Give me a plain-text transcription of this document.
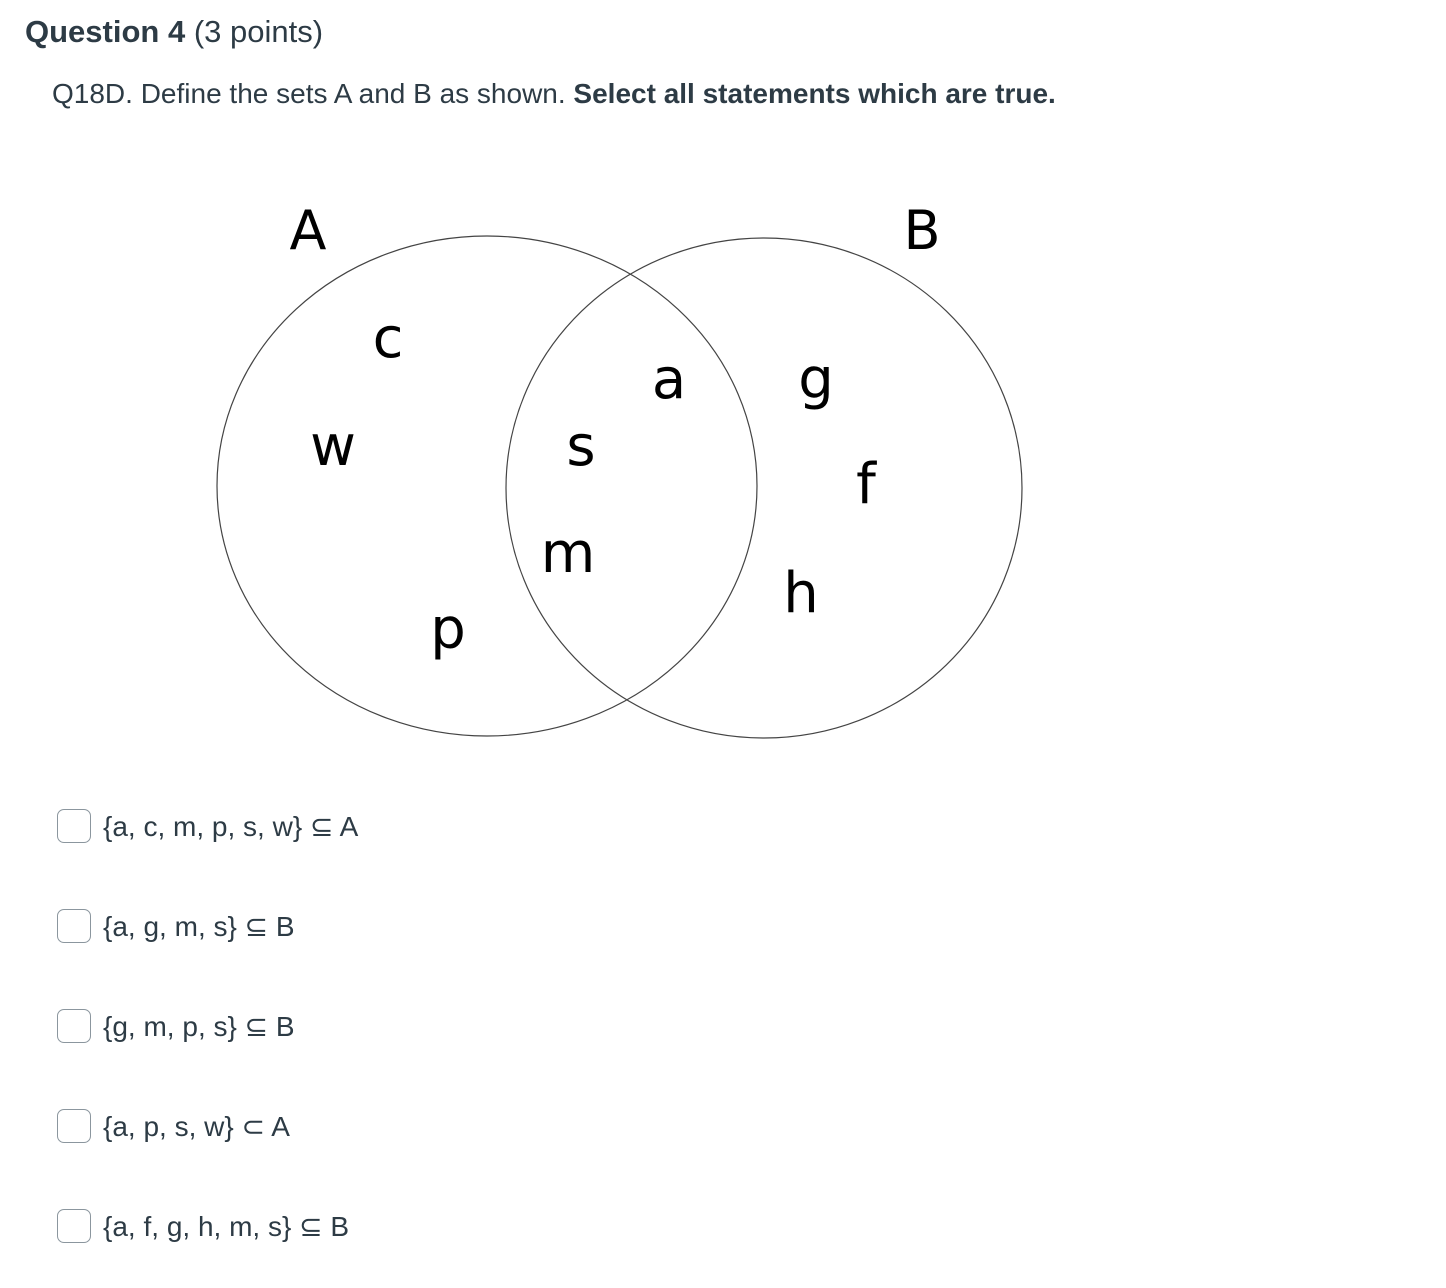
Question 4 (3 points)
Q18D. Define the sets A and B as shown. Select all statements which are true.
A	B
c
w
p
a
s
m
g
f
h
{a, c, m, p, s, w} ⊆ A
{a, g, m, s} ⊆ B
{g, m, p, s} ⊆ B
{a, p, s, w} ⊂ A
{a, f, g, h, m, s} ⊆ B
